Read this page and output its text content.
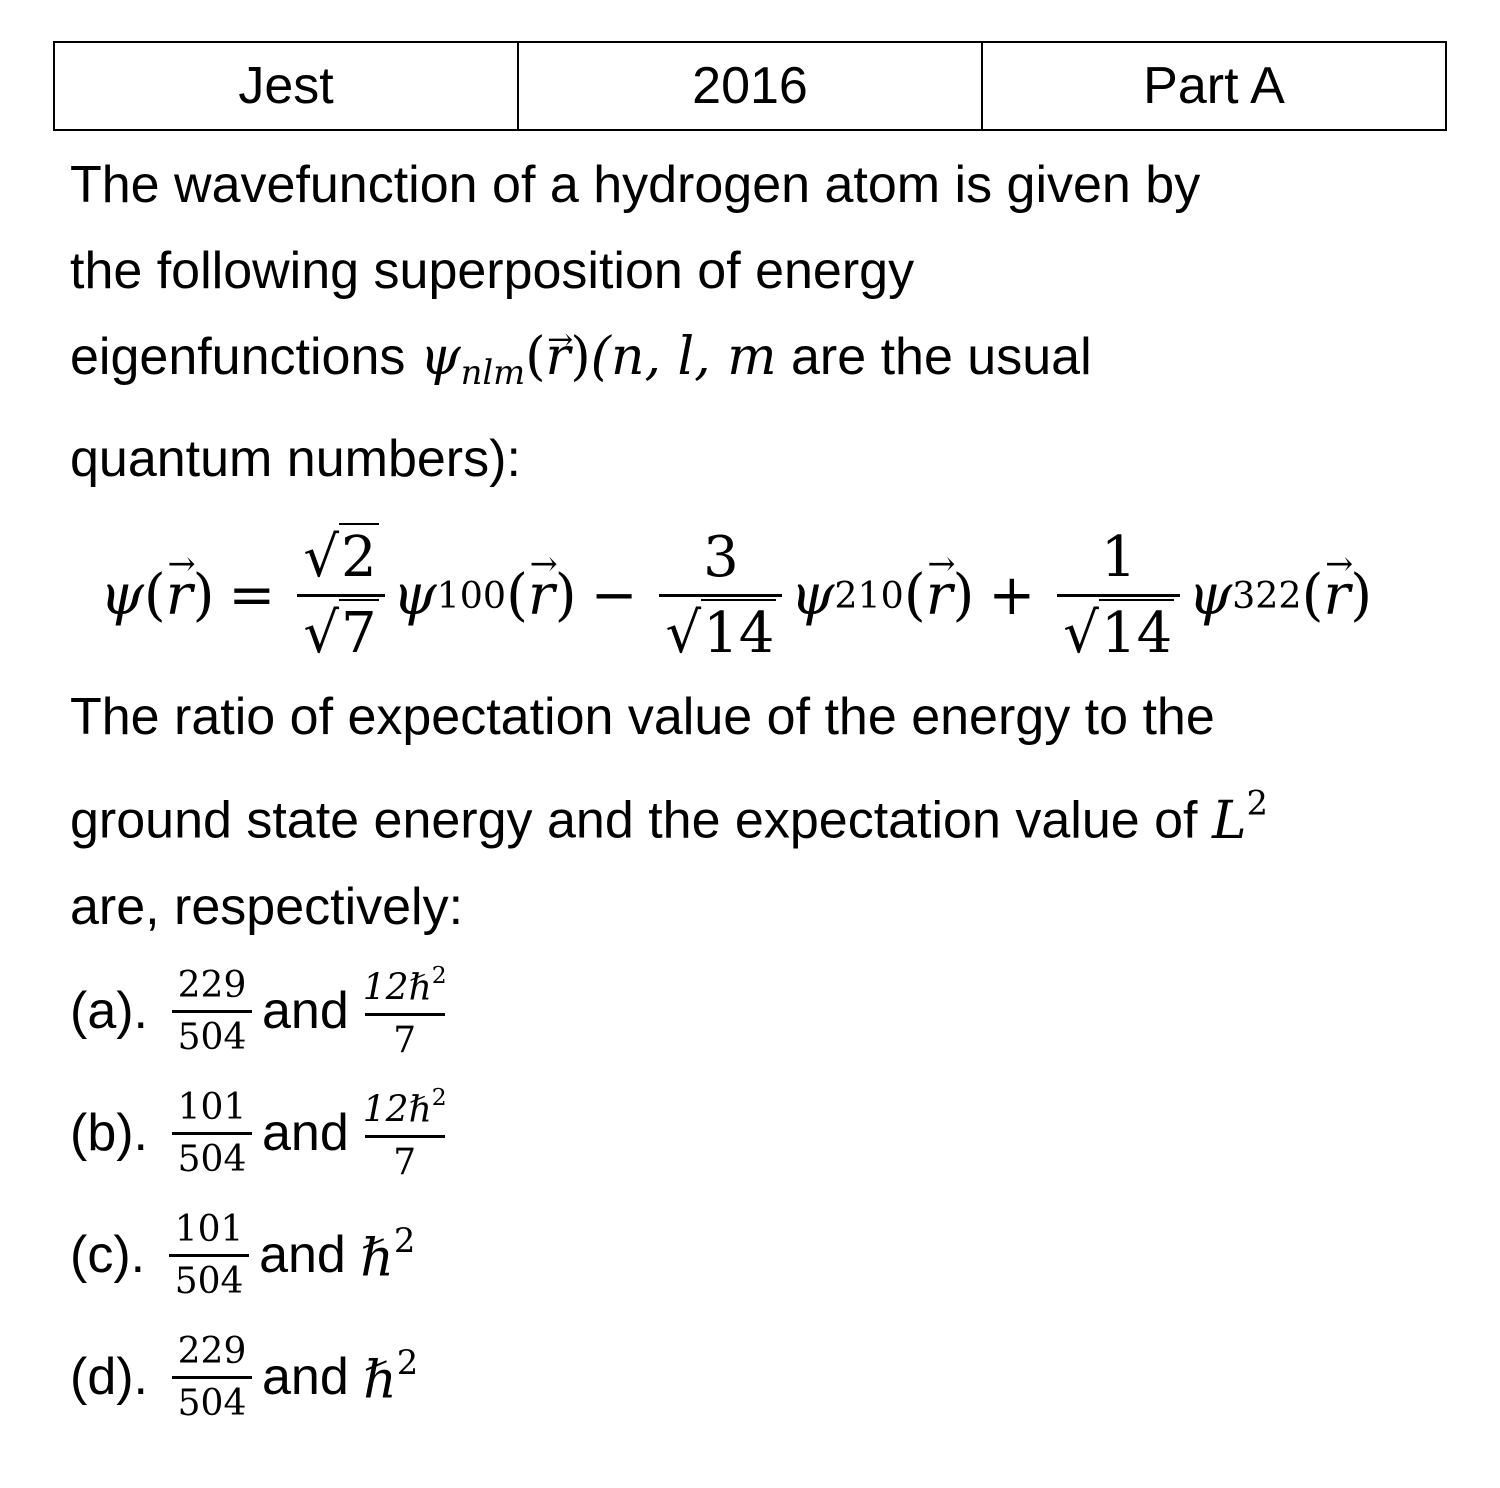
Jest	2016	Part A
The wavefunction of a hydrogen atom is given by
the following superposition of energy
eigenfunctions $\psi_{nlm}(r \to)(n$, l, m are the usual
quantum numbers):
ψ (r →) = $\frac{√2}{√7}$ ψ 100 (r →) − $\frac{3}{√14}$ ψ 210 (r →) + $\frac{1}{√14}$ ψ 322 (r →)
The ratio of expectation value of the energy to the
ground state energy and the expectation value of $L^2$
are, respectively:
(a). $\frac{229}{504}$ and $\frac{12\hbar^2}{7}$
(b). $\frac{101}{504}$ and $\frac{12\hbar^2}{7}$
(c). $\frac{101}{504}$ and
ℏ$^2$
(d). $\frac{229}{504}$ and
ℏ$^2$
